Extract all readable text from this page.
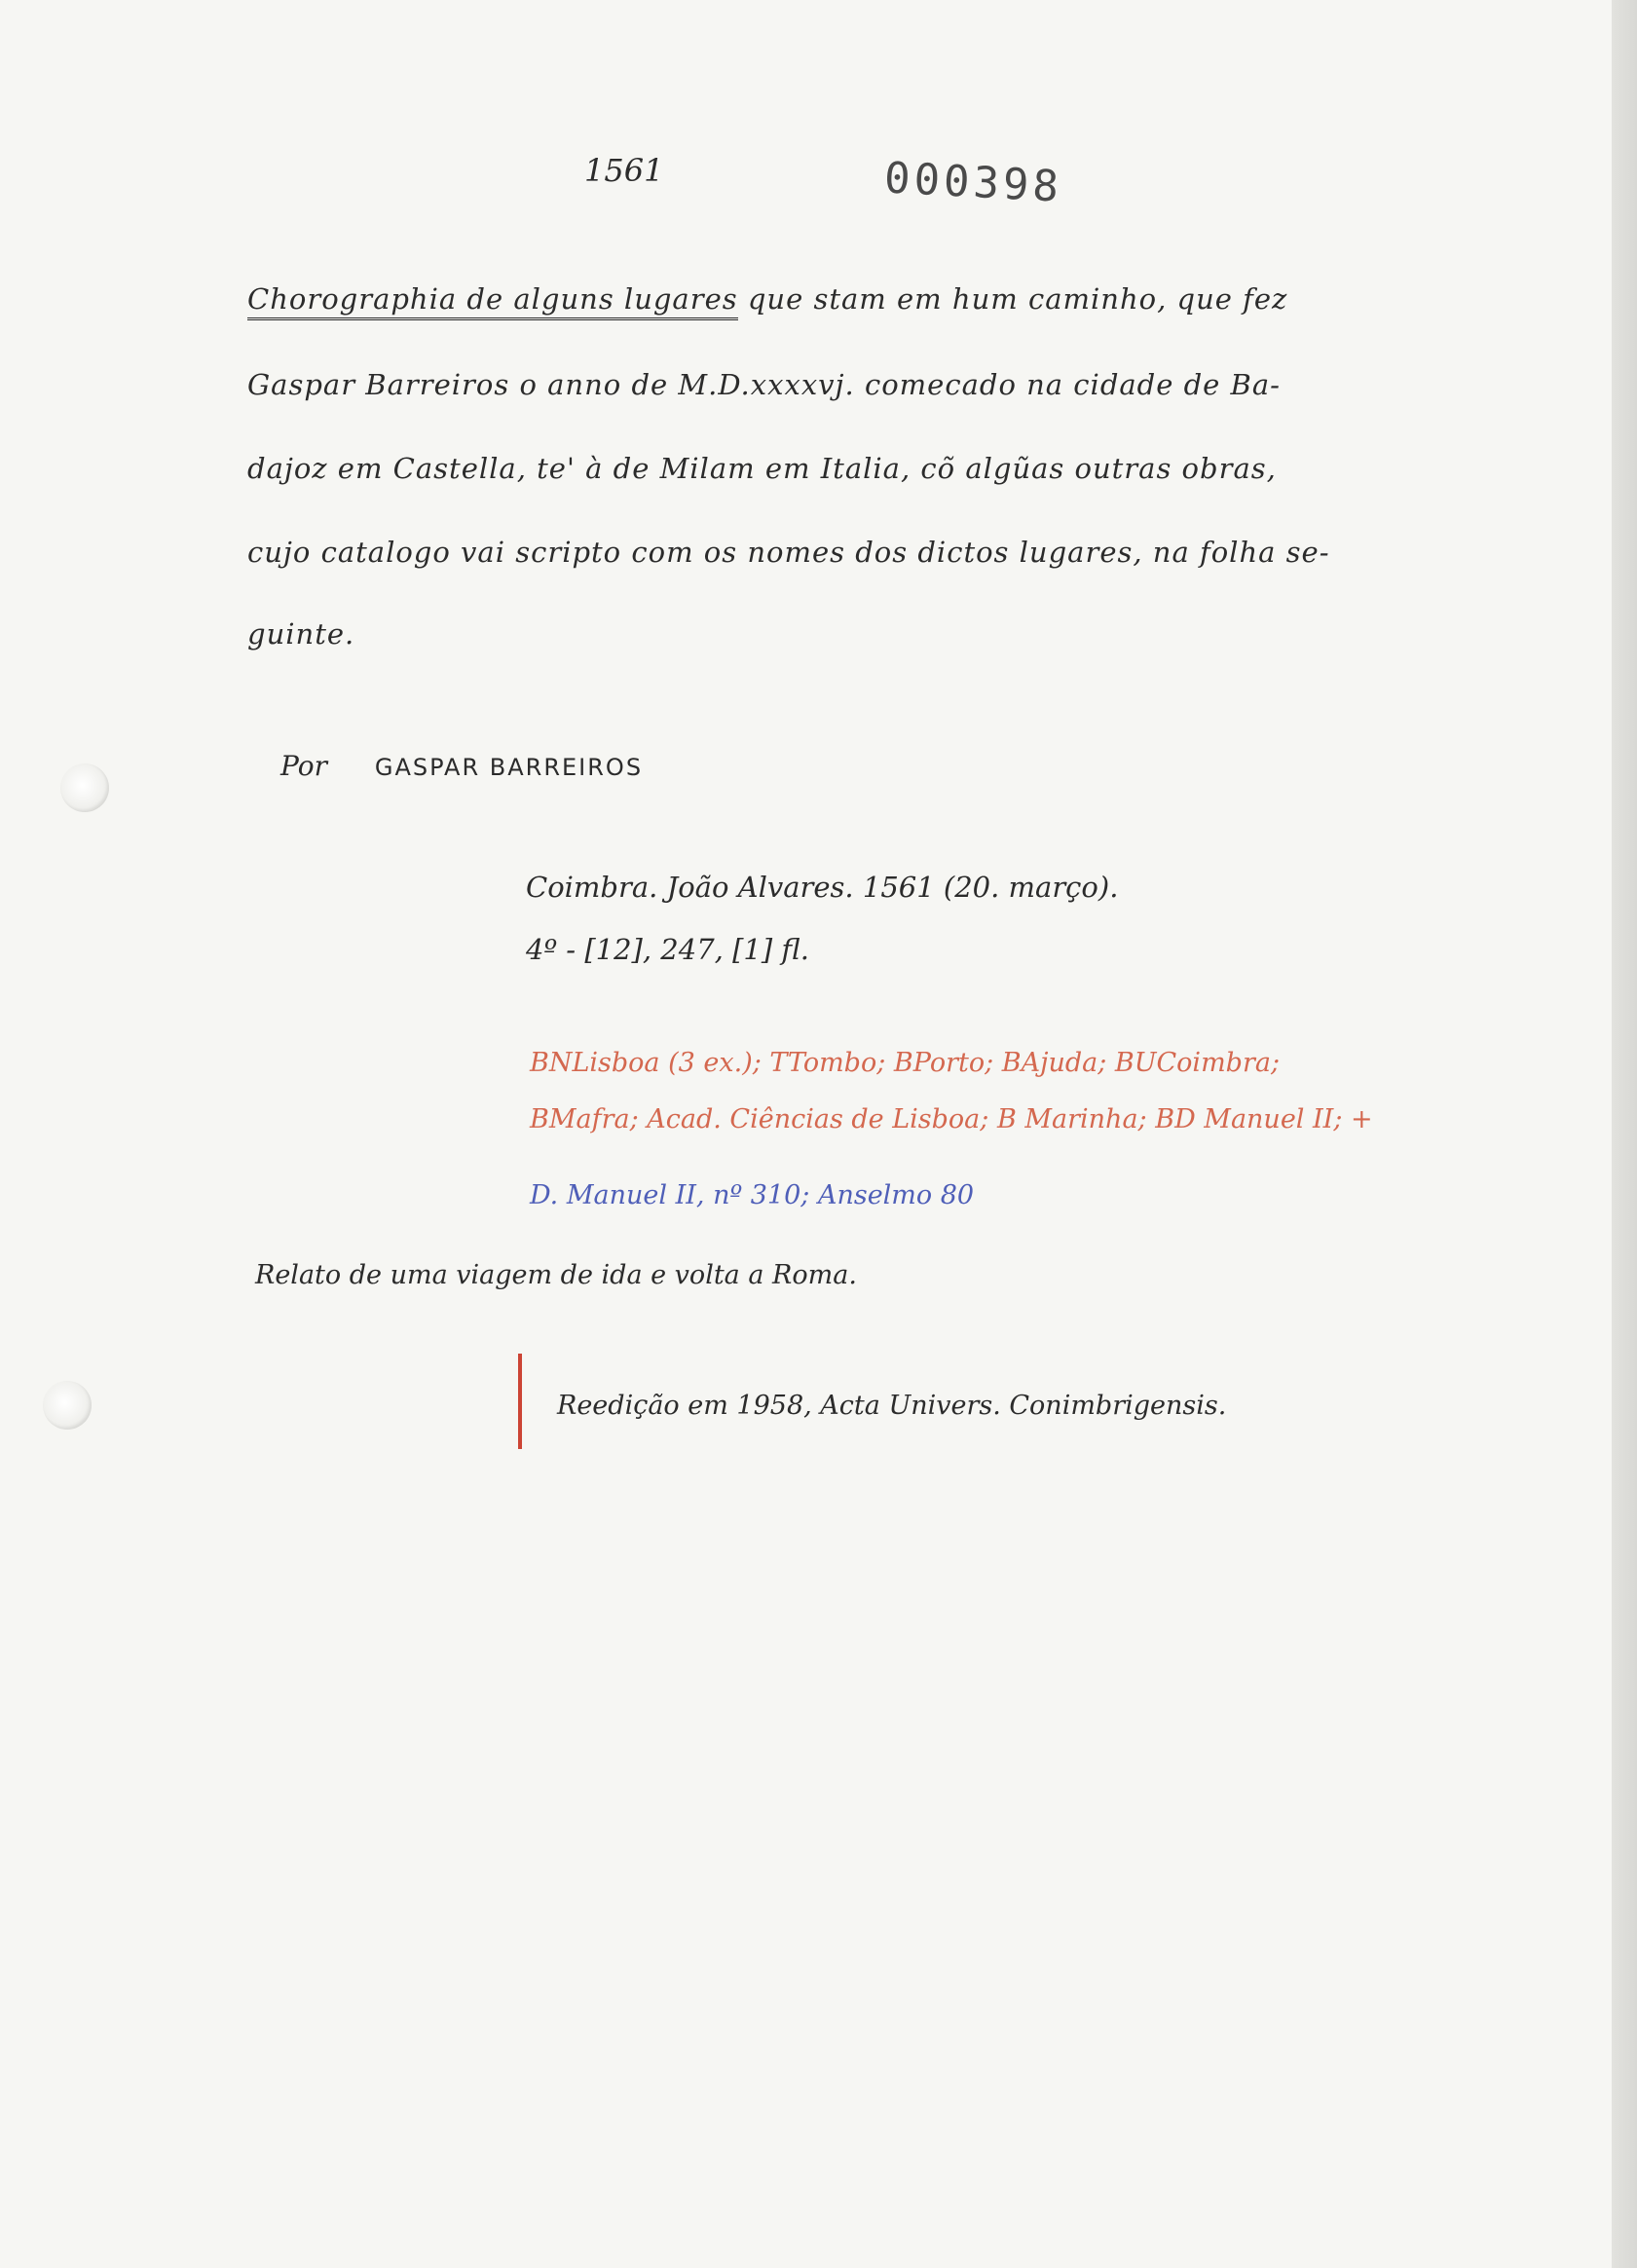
1561	000398
Chorographia de alguns lugares que stam em hum caminho, que fez
Gaspar Barreiros o anno de M.D.xxxxvj. comecado na cidade de Ba-
dajoz em Castella, te' à de Milam em Italia, cõ algũas outras obras,
cujo catalogo vai scripto com os nomes dos dictos lugares, na folha se-
guinte.
Por GASPAR BARREIROS
Coimbra. João Alvares. 1561 (20. março).
4º - [12], 247, [1] fl.
BNLisboa (3 ex.); TTombo; BPorto; BAjuda; BUCoimbra;
BMafra; Acad. Ciências de Lisboa; B Marinha; BD Manuel II; +
D. Manuel II, nº 310; Anselmo 80
Relato de uma viagem de ida e volta a Roma.
Reedição em 1958, Acta Univers. Conimbrigensis.
